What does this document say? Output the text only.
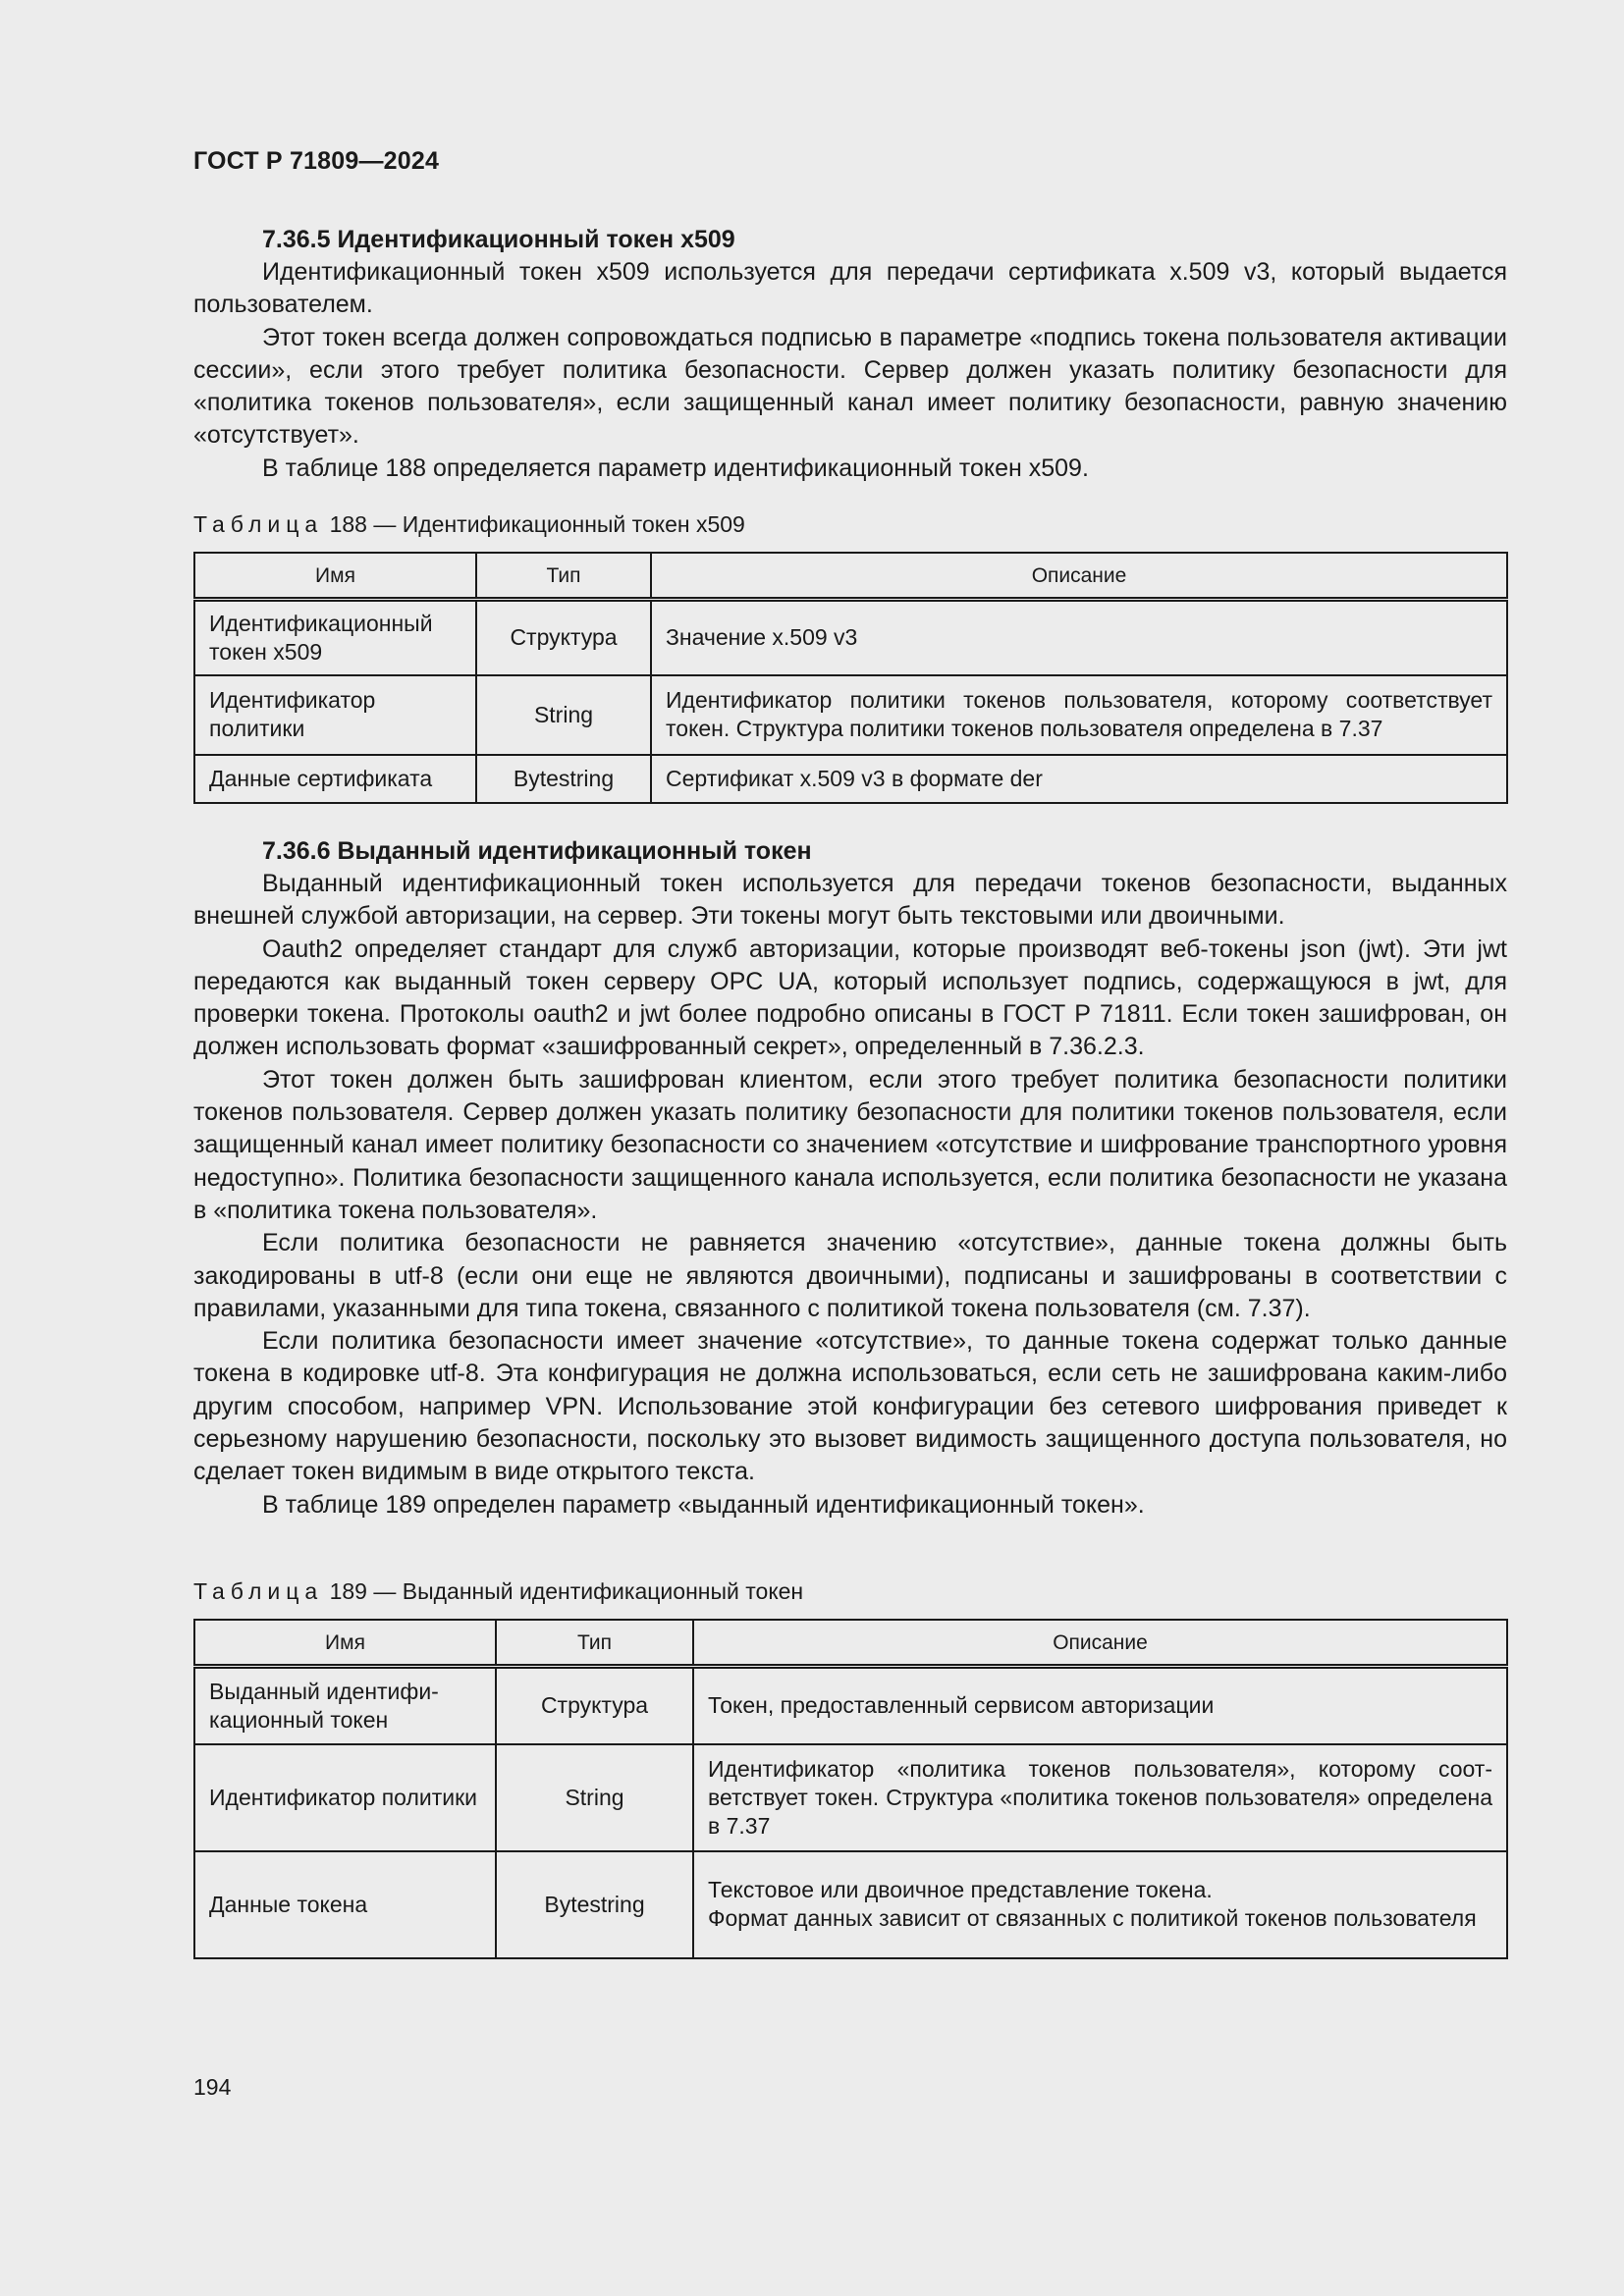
ГОСТ Р 71809—2024

7.36.5 Идентификационный токен x509

Идентификационный токен x509 используется для передачи сертификата x.509 v3, который выдается пользователем.

Этот токен всегда должен сопровождаться подписью в параметре «подпись токена пользователя активации сессии», если этого требует политика безопасности. Сервер должен указать политику безопасности для «политика токенов пользователя», если защищенный канал имеет политику безопасности, равную значению «отсутствует».

В таблице 188 определяется параметр идентификационный токен x509.

Таблица 188 — Идентификационный токен x509
Имя	Тип	Описание
Идентификационный токен x509	Структура	Значение x.509 v3
Идентификатор политики	String	Идентификатор политики токенов пользователя, которому соответствует токен. Структура политики токенов пользователя определена в 7.37
Данные сертификата	Bytestring	Сертификат x.509 v3 в формате der

7.36.6 Выданный идентификационный токен

Выданный идентификационный токен используется для передачи токенов безопасности, выданных внешней службой авторизации, на сервер. Эти токены могут быть текстовыми или двоичными.

Oauth2 определяет стандарт для служб авторизации, которые производят веб-токены json (jwt). Эти jwt передаются как выданный токен серверу OPC UA, который использует подпись, содержащуюся в jwt, для проверки токена. Протоколы oauth2 и jwt более подробно описаны в ГОСТ Р 71811. Если токен зашифрован, он должен использовать формат «зашифрованный секрет», определенный в 7.36.2.3.

Этот токен должен быть зашифрован клиентом, если этого требует политика безопасности политики токенов пользователя. Сервер должен указать политику безопасности для политики токенов пользователя, если защищенный канал имеет политику безопасности со значением «отсутствие и шифрование транспортного уровня недоступно». Политика безопасности защищенного канала используется, если политика безопасности не указана в «политика токена пользователя».

Если политика безопасности не равняется значению «отсутствие», данные токена должны быть закодированы в utf-8 (если они еще не являются двоичными), подписаны и зашифрованы в соответствии с правилами, указанными для типа токена, связанного с политикой токена пользователя (см. 7.37).

Если политика безопасности имеет значение «отсутствие», то данные токена содержат только данные токена в кодировке utf-8. Эта конфигурация не должна использоваться, если сеть не зашифрована каким-либо другим способом, например VPN. Использование этой конфигурации без сетевого шифрования приведет к серьезному нарушению безопасности, поскольку это вызовет видимость защищенного доступа пользователя, но сделает токен видимым в виде открытого текста.

В таблице 189 определен параметр «выданный идентификационный токен».

Таблица 189 — Выданный идентификационный токен
Имя	Тип	Описание
Выданный идентификационный токен	Структура	Токен, предоставленный сервисом авторизации
Идентификатор политики	String	Идентификатор «политика токенов пользователя», которому соответствует токен. Структура «политика токенов пользователя» определена в 7.37
Данные токена	Bytestring	Текстовое или двоичное представление токена.
Формат данных зависит от связанных с политикой токенов пользователя
194
